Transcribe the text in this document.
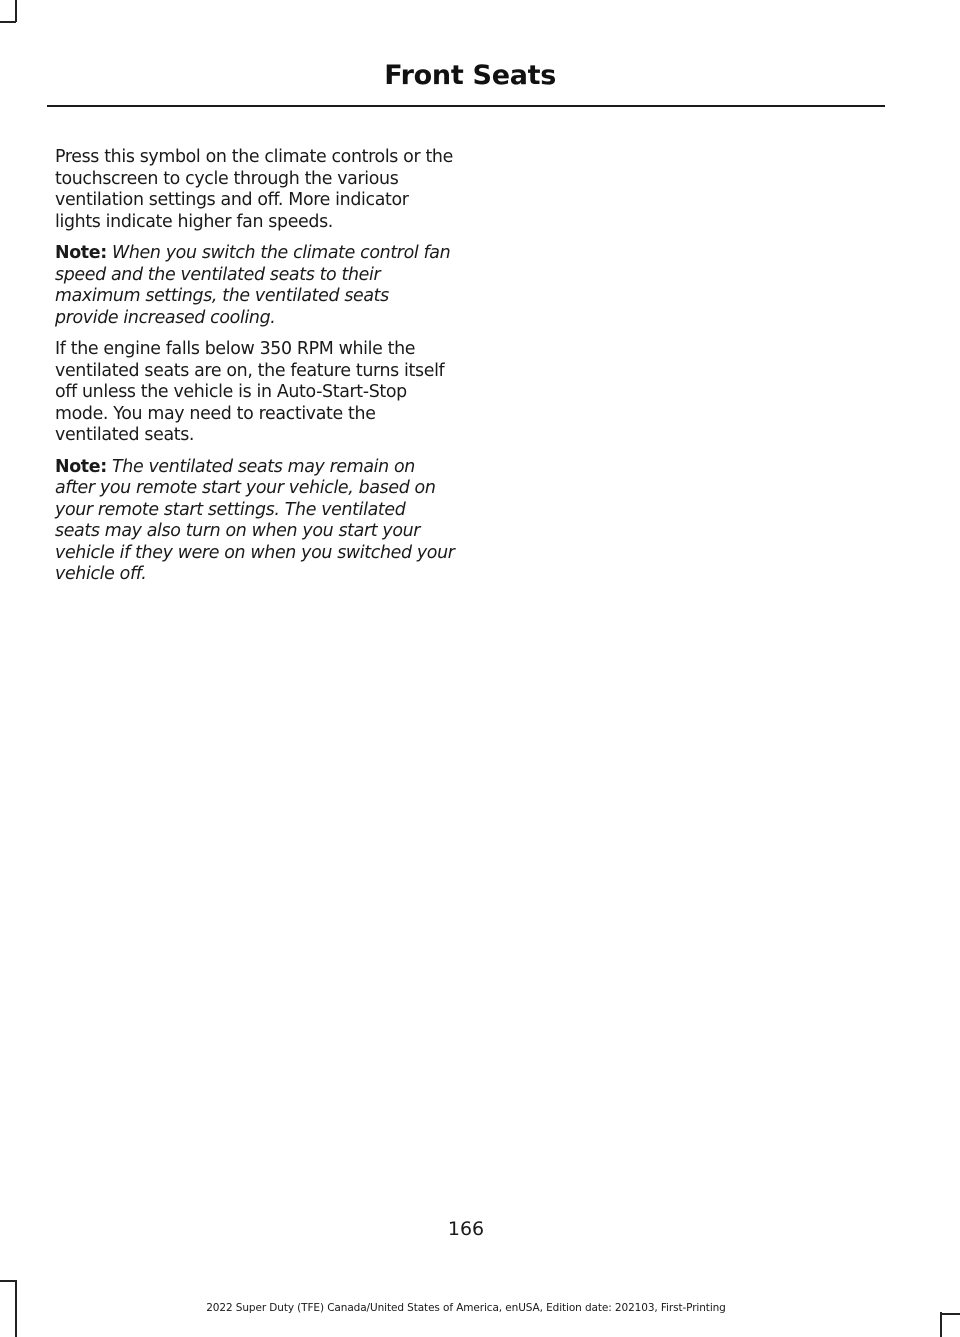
Front Seats

Press this symbol on the climate controls or the touchscreen to cycle through the various ventilation settings and off. More indicator lights indicate higher fan speeds.

Note: When you switch the climate control fan speed and the ventilated seats to their maximum settings, the ventilated seats provide increased cooling.

If the engine falls below 350 RPM while the ventilated seats are on, the feature turns itself off unless the vehicle is in Auto-Start-Stop mode. You may need to reactivate the ventilated seats.

Note: The ventilated seats may remain on after you remote start your vehicle, based on your remote start settings. The ventilated seats may also turn on when you start your vehicle if they were on when you switched your vehicle off.

166
2022 Super Duty (TFE) Canada/United States of America, enUSA, Edition date: 202103, First-Printing
